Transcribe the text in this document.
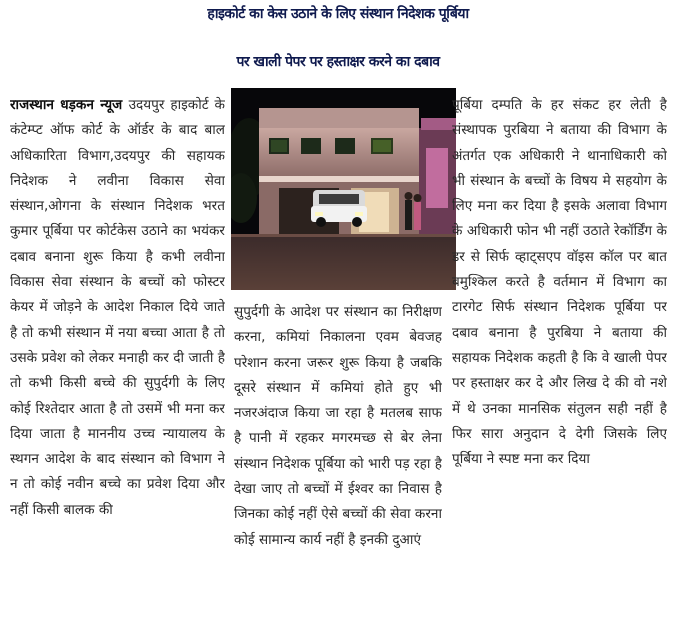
हाइकोर्ट का केस उठाने के लिए संस्थान निदेशक पूर्बिया
पर खाली पेपर पर हस्ताक्षर करने का दबाव
राजस्थान धड़कन न्यूज उदयपुर हाइकोर्ट के कंटेम्प्ट ऑफ कोर्ट के ऑर्डर के बाद बाल अधिकारिता विभाग,उदयपुर की सहायक निदेशक ने लवीना विकास सेवा संस्थान,ओगना के संस्थान निदेशक भरत कुमार पूर्बिया पर कोर्टकेस उठाने का भयंकर दबाव बनाना शुरू किया है कभी लवीना विकास सेवा संस्थान के बच्चों को फोस्टर केयर में जोड़ने के आदेश निकाल दिये जाते है तो कभी संस्थान में नया बच्चा आता है तो उसके प्रवेश को लेकर मनाही कर दी जाती है तो कभी किसी बच्चे की सुपुर्दगी के लिए कोई रिश्तेदार आता है तो उसमें भी मना कर दिया जाता है माननीय उच्च न्यायालय के स्थगन आदेश के बाद संस्थान को विभाग ने न तो कोई नवीन बच्चे का प्रवेश दिया और नहीं किसी बालक की
सुपुर्दगी के आदेश पर संस्थान का निरीक्षण करना, कमियां निकालना एवम बेवजह परेशान करना जरूर शुरू किया है जबकि दूसरे संस्थान में कमियां होते हुए भी नजरअंदाज किया जा रहा है मतलब साफ है पानी में रहकर मगरमच्छ से बेर लेना संस्थान निदेशक पूर्बिया को भारी पड़ रहा है देखा जाए तो बच्चों में ईश्वर का निवास है जिनका कोई नहीं ऐसे बच्चों की सेवा करना कोई सामान्य कार्य नहीं है इनकी दुआएं
पूर्बिया दम्पति के हर संकट हर लेती है संस्थापक पुरबिया ने बताया की विभाग के अंतर्गत एक अधिकारी ने थानाधिकारी को भी संस्थान के बच्चों के विषय मे सहयोग के लिए मना कर दिया है इसके अलावा विभाग के अधिकारी फोन भी नहीं उठाते रेकॉर्डिंग के डर से सिर्फ व्हाट्सएप वॉइस कॉल पर बात बमुश्किल करते है वर्तमान में विभाग का टारगेट सिर्फ संस्थान निदेशक पूर्बिया पर दबाव बनाना है पुरबिया ने बताया की सहायक निदेशक कहती है कि वे खाली पेपर पर हस्ताक्षर कर दे और लिख दे की वो नशे में थे उनका मानसिक संतुलन सही नहीं है फिर सारा अनुदान दे देगी जिसके लिए पूर्बिया ने स्पष्ट मना कर दिया
